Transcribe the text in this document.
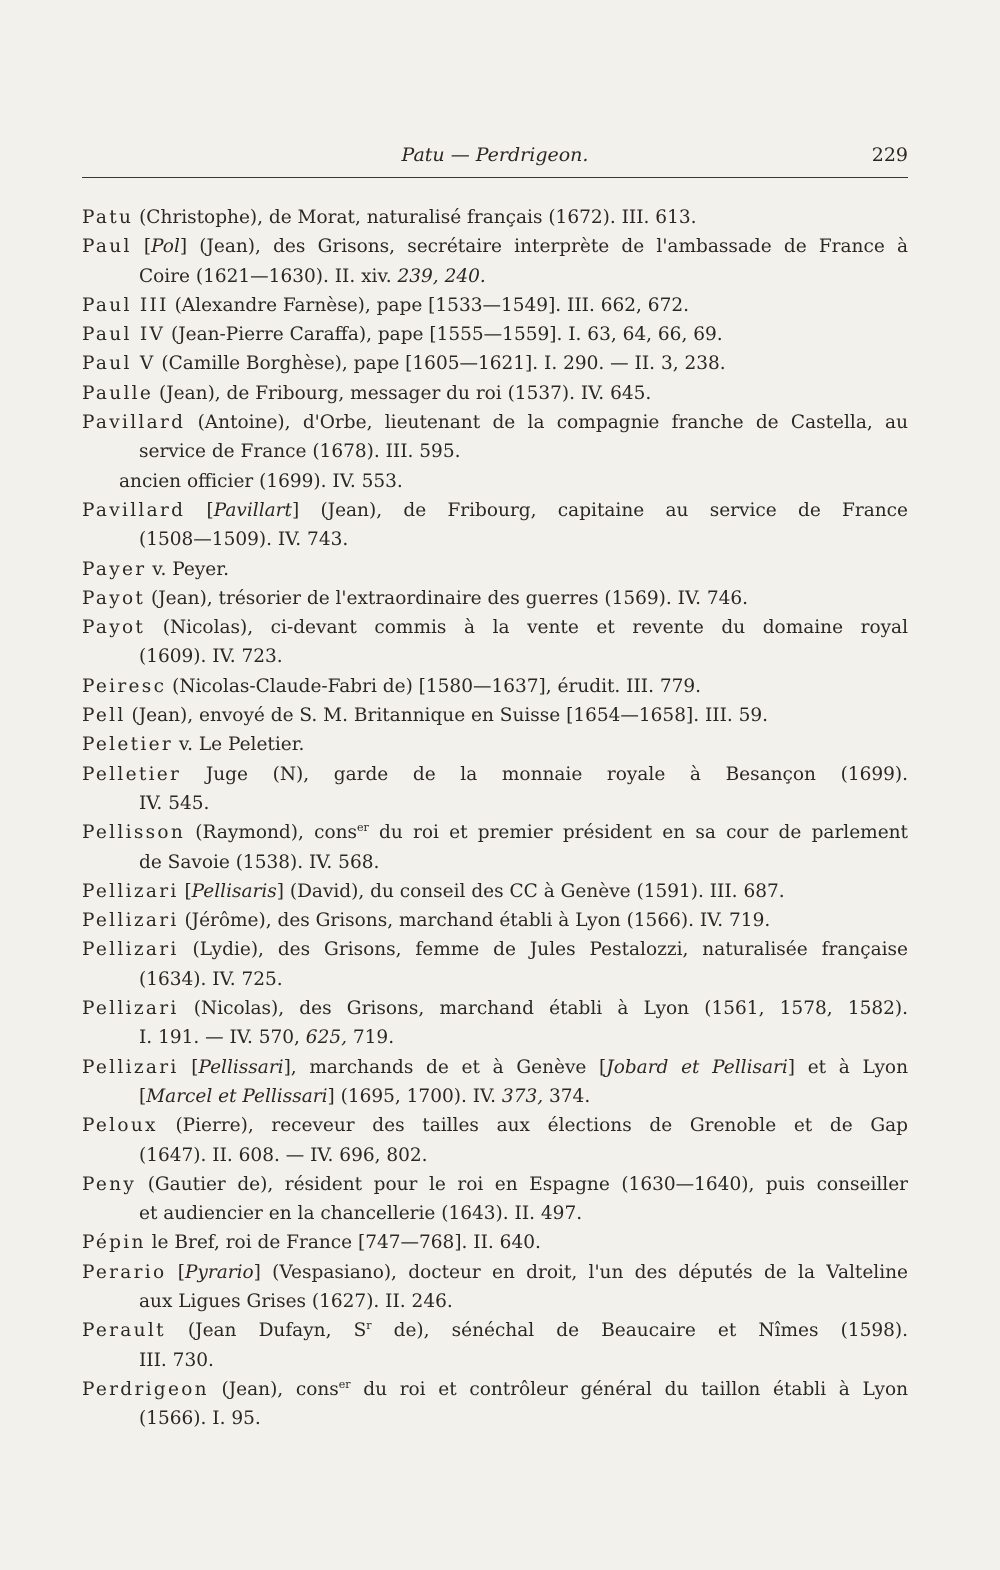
Patu — Perdrigeon.	229
Patu (Christophe), de Morat, naturalisé français (1672). III. 613.
Paul [Pol] (Jean), des Grisons, secrétaire interprète de l'ambassade de France à
Coire (1621—1630). II. xiv. 239, 240.
Paul III (Alexandre Farnèse), pape [1533—1549]. III. 662, 672.
Paul IV (Jean-Pierre Caraffa), pape [1555—1559]. I. 63, 64, 66, 69.
Paul V (Camille Borghèse), pape [1605—1621]. I. 290. — II. 3, 238.
Paulle (Jean), de Fribourg, messager du roi (1537). IV. 645.
Pavillard (Antoine), d'Orbe, lieutenant de la compagnie franche de Castella, au
service de France (1678). III. 595.
ancien officier (1699). IV. 553.
Pavillard [Pavillart] (Jean), de Fribourg, capitaine au service de France
(1508—1509). IV. 743.
Payer v. Peyer.
Payot (Jean), trésorier de l'extraordinaire des guerres (1569). IV. 746.
Payot (Nicolas), ci-devant commis à la vente et revente du domaine royal
(1609). IV. 723.
Peiresc (Nicolas-Claude-Fabri de) [1580—1637], érudit. III. 779.
Pell (Jean), envoyé de S. M. Britannique en Suisse [1654—1658]. III. 59.
Peletier v. Le Peletier.
Pelletier Juge (N), garde de la monnaie royale à Besançon (1699).
IV. 545.
Pellisson (Raymond), cons$^{er}$ du roi et premier président en sa cour de parlement
de Savoie (1538). IV. 568.
Pellizari [Pellisaris] (David), du conseil des CC à Genève (1591). III. 687.
Pellizari (Jérôme), des Grisons, marchand établi à Lyon (1566). IV. 719.
Pellizari (Lydie), des Grisons, femme de Jules Pestalozzi, naturalisée française
(1634). IV. 725.
Pellizari (Nicolas), des Grisons, marchand établi à Lyon (1561, 1578, 1582).
I. 191. — IV. 570, 625, 719.
Pellizari [Pellissari], marchands de et à Genève [Jobard et Pellisari] et à Lyon
[Marcel et Pellissari] (1695, 1700). IV. 373, 374.
Peloux (Pierre), receveur des tailles aux élections de Grenoble et de Gap
(1647). II. 608. — IV. 696, 802.
Peny (Gautier de), résident pour le roi en Espagne (1630—1640), puis conseiller
et audiencier en la chancellerie (1643). II. 497.
Pépin le Bref, roi de France [747—768]. II. 640.
Perario [Pyrario] (Vespasiano), docteur en droit, l'un des députés de la Valteline
aux Ligues Grises (1627). II. 246.
Perault (Jean Dufayn, $S^r$ de), sénéchal de Beaucaire et Nîmes (1598).
III. 730.
Perdrigeon (Jean), cons$^{er}$ du roi et contrôleur général du taillon établi à Lyon
(1566). I. 95.
